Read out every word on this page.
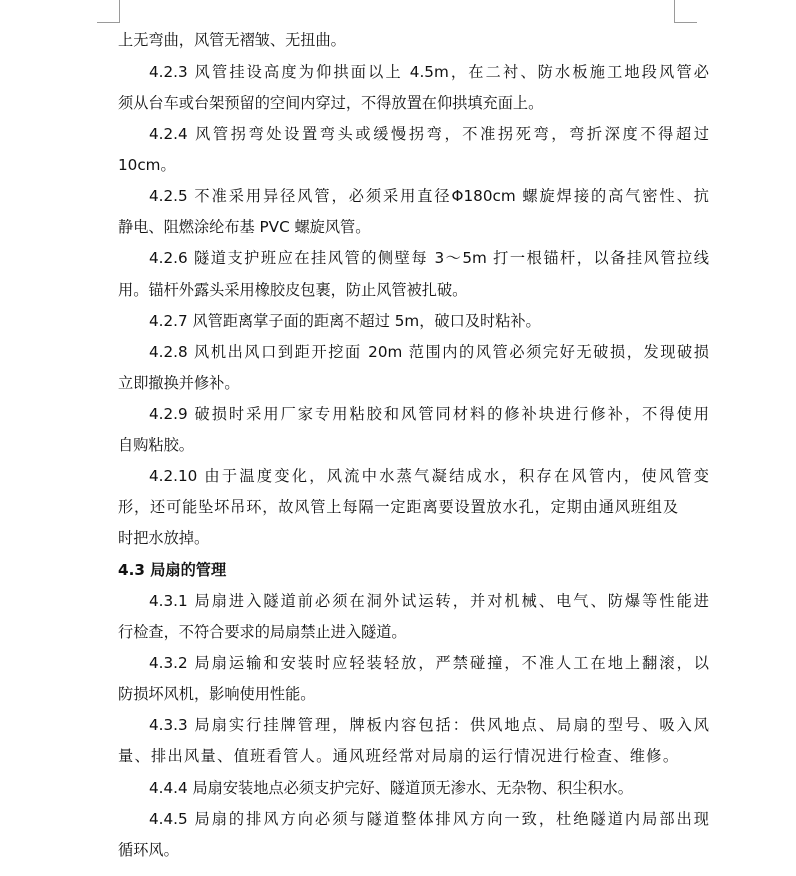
上无弯曲，风管无褶皱、无扭曲。
4.2.3 风管挂设高度为仰拱面以上 4.5m，在二衬、防水板施工地段风管必
须从台车或台架预留的空间内穿过，不得放置在仰拱填充面上。
4.2.4 风管拐弯处设置弯头或缓慢拐弯，不准拐死弯，弯折深度不得超过
10cm。
4.2.5 不准采用异径风管，必须采用直径Φ180cm 螺旋焊接的高气密性、抗
静电、阻燃涂纶布基 PVC 螺旋风管。
4.2.6 隧道支护班应在挂风管的侧壁每 3～5m 打一根锚杆，以备挂风管拉线
用。锚杆外露头采用橡胶皮包裹，防止风管被扎破。
4.2.7 风管距离掌子面的距离不超过 5m，破口及时粘补。
4.2.8 风机出风口到距开挖面 20m 范围内的风管必须完好无破损，发现破损
立即撤换并修补。
4.2.9 破损时采用厂家专用粘胶和风管同材料的修补块进行修补，不得使用
自购粘胶。
4.2.10 由于温度变化，风流中水蒸气凝结成水，积存在风管内，使风管变
形，还可能坠坏吊环，故风管上每隔一定距离要设置放水孔，定期由通风班组及
时把水放掉。
4.3 局扇的管理
4.3.1 局扇进入隧道前必须在洞外试运转，并对机械、电气、防爆等性能进
行检查，不符合要求的局扇禁止进入隧道。
4.3.2 局扇运输和安装时应轻装轻放，严禁碰撞，不准人工在地上翻滚，以
防损坏风机，影响使用性能。
4.3.3 局扇实行挂牌管理，牌板内容包括：供风地点、局扇的型号、吸入风
量、排出风量、值班看管人。通风班经常对局扇的运行情况进行检查、维修。
4.4.4 局扇安装地点必须支护完好、隧道顶无渗水、无杂物、积尘积水。
4.4.5 局扇的排风方向必须与隧道整体排风方向一致，杜绝隧道内局部出现
循环风。
